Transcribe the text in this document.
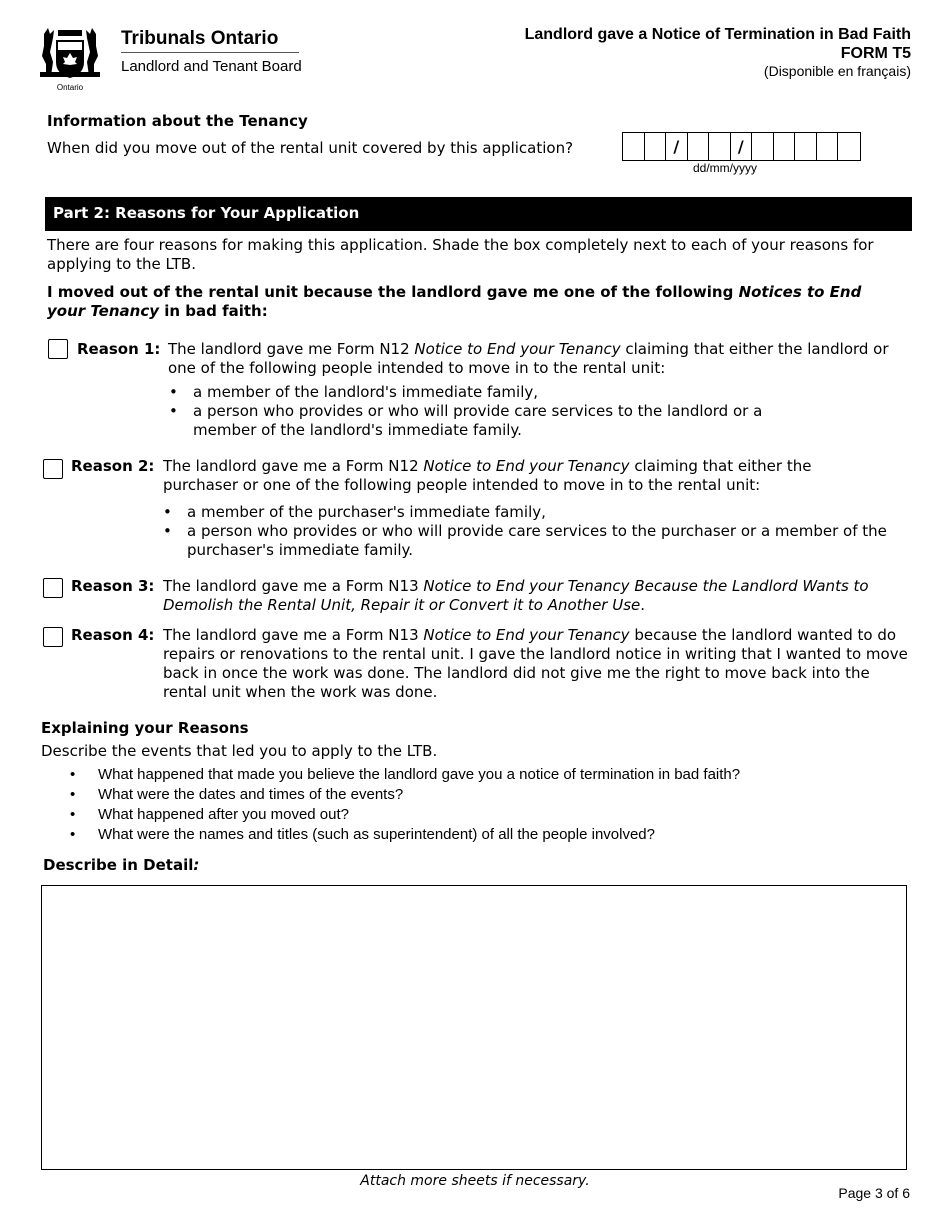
Ontario
Tribunals Ontario
Landlord and Tenant Board
Landlord gave a Notice of Termination in Bad Faith
FORM T5
(Disponible en français)
Information about the Tenancy
When did you move out of the rental unit covered by this application?	/	/
dd/mm/yyyy
Part 2: Reasons for Your Application
There are four reasons for making this application. Shade the box completely next to each of your reasons for applying to the LTB.
I moved out of the rental unit because the landlord gave me one of the following Notices to End your Tenancy in bad faith:
Reason 1: The landlord gave me Form N12 Notice to End your Tenancy claiming that either the landlord or one of the following people intended to move in to the rental unit:
• a member of the landlord's immediate family,
• a person who provides or who will provide care services to the landlord or a member of the landlord's immediate family.
Reason 2: The landlord gave me a Form N12 Notice to End your Tenancy claiming that either the purchaser or one of the following people intended to move in to the rental unit:
• a member of the purchaser's immediate family,
• a person who provides or who will provide care services to the purchaser or a member of the purchaser's immediate family.
Reason 3: The landlord gave me a Form N13 Notice to End your Tenancy Because the Landlord Wants to Demolish the Rental Unit, Repair it or Convert it to Another Use.
Reason 4: The landlord gave me a Form N13 Notice to End your Tenancy because the landlord wanted to do repairs or renovations to the rental unit. I gave the landlord notice in writing that I wanted to move back in once the work was done. The landlord did not give me the right to move back into the rental unit when the work was done.
Explaining your Reasons
Describe the events that led you to apply to the LTB.
• What happened that made you believe the landlord gave you a notice of termination in bad faith?
• What were the dates and times of the events?
• What happened after you moved out?
• What were the names and titles (such as superintendent) of all the people involved?
Describe in Detail:
Attach more sheets if necessary.
Page 3 of 6
